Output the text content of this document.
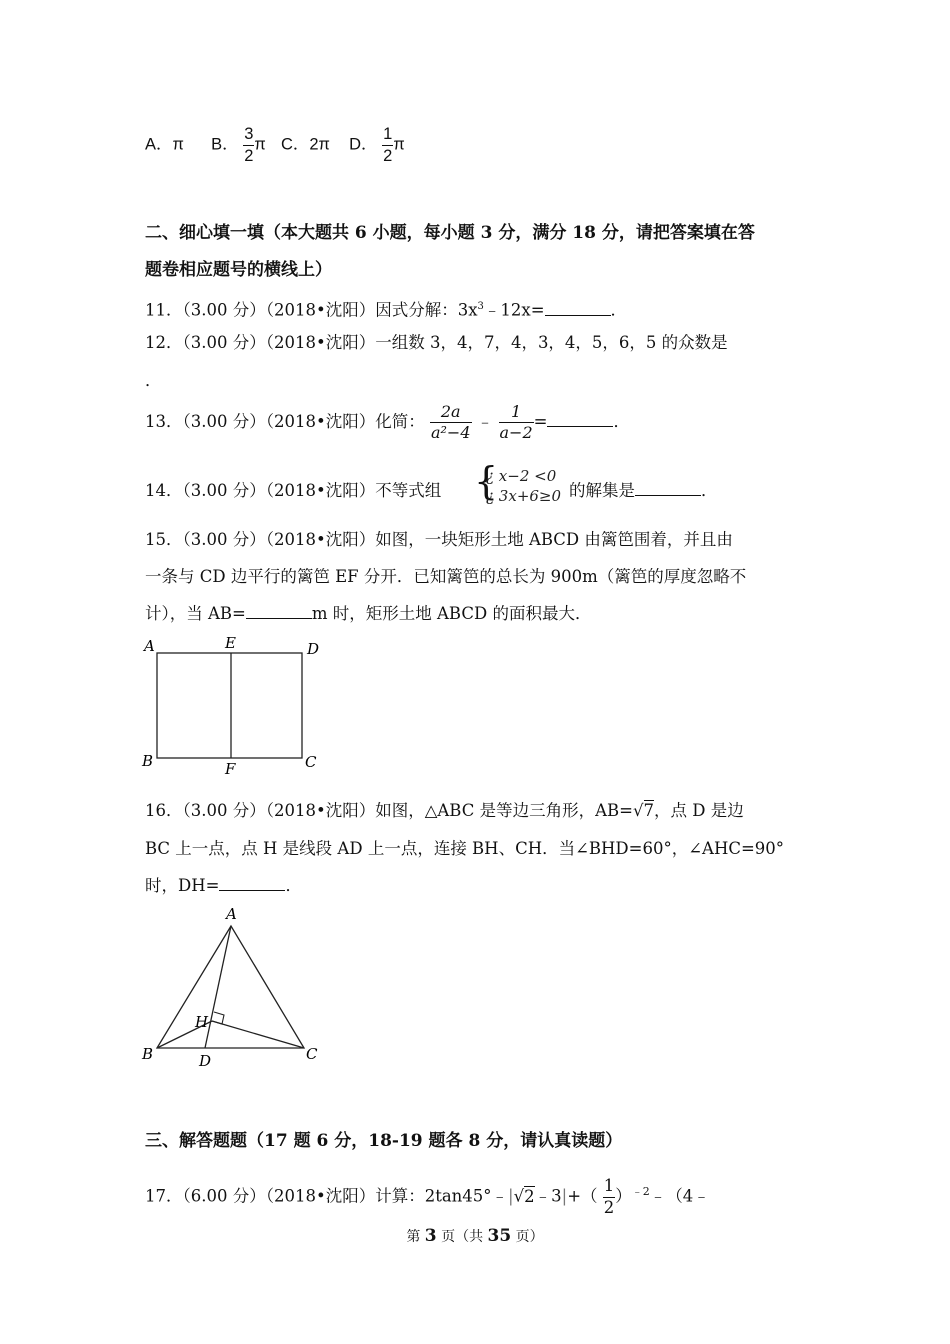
A．π B． $\frac{3}{2}$ π C．2π D． $\frac{1}{2}$ π
二、细心填一填（本大题共 6 小题，每小题 3 分，满分 18 分，请把答案填在答
题卷相应题号的横线上）
11．（3.00 分）（2018•沈阳）因式分解：$3x^3﹣12x=$	．
12．（3.00 分）（2018•沈阳）一组数 3，4，7，4，3，4，5，6，5 的众数是
．
13．（3.00 分）（2018•沈阳）化简： $\frac{2a}{\text{a²−4}}$ ﹣ $\frac{1}{a-2}$ =	．
14．（3.00 分）（2018•沈阳）不等式组 {
¿ x−2 <0
¿ 3x+6≥0 的解集是	．
15．（3.00 分）（2018•沈阳）如图，一块矩形土地 ABCD 由篱笆围着，并且由
一条与 CD 边平行的篱笆 EF 分开．已知篱笆的总长为 900m（篱笆的厚度忽略不
计），当 AB=	m 时，矩形土地 ABCD 的面积最大．
A	E	D
B	F	C
16．（3.00 分）（2018•沈阳）如图，△ABC 是等边三角形，AB=√7，点 D 是边
BC 上一点，点 H 是线段 AD 上一点，连接 BH、CH．当∠BHD=60°，∠AHC=90°
时，DH=	．
A
H
B	D	C
三、解答题题（17 题 6 分，18-19 题各 8 分，请认真读题）
17．（6.00 分）（2018•沈阳）计算：2tan45°﹣|√2﹣3|+（ $\frac{1}{2}$ ）$^{﹣2}$﹣（4﹣
第 3 页（共 35 页）
